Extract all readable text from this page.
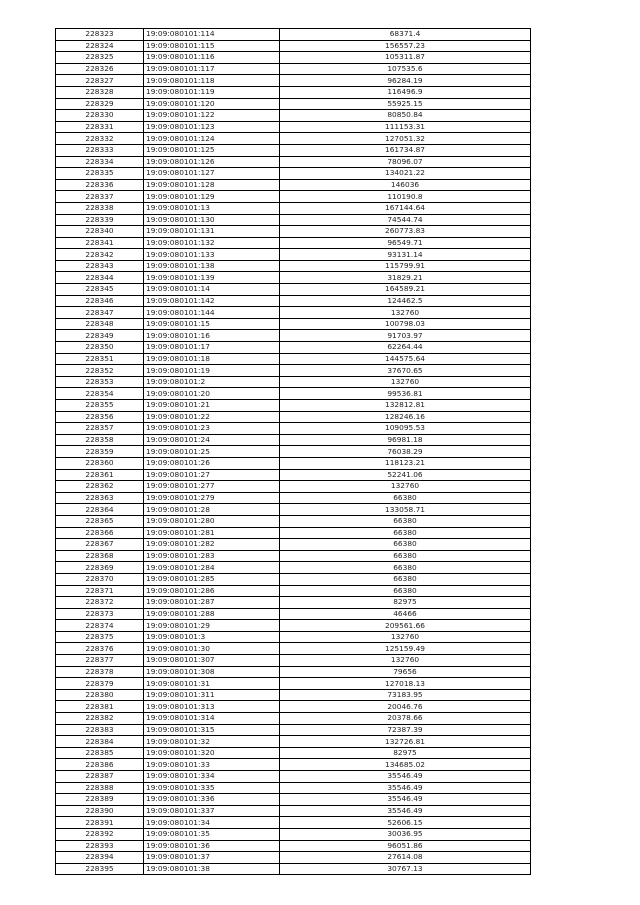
228323	19:09:080101:114	68371.4
228324	19:09:080101:115	156557.23
228325	19:09:080101:116	105311.87
228326	19:09:080101:117	107535.6
228327	19:09:080101:118	96284.19
228328	19:09:080101:119	116496.9
228329	19:09:080101:120	55925.15
228330	19:09:080101:122	80850.84
228331	19:09:080101:123	111153.31
228332	19:09:080101:124	127051.32
228333	19:09:080101:125	161734.87
228334	19:09:080101:126	78096.07
228335	19:09:080101:127	134021.22
228336	19:09:080101:128	146036
228337	19:09:080101:129	110190.8
228338	19:09:080101:13	167144.64
228339	19:09:080101:130	74544.74
228340	19:09:080101:131	260773.83
228341	19:09:080101:132	96549.71
228342	19:09:080101:133	93131.14
228343	19:09:080101:138	115799.91
228344	19:09:080101:139	31829.21
228345	19:09:080101:14	164589.21
228346	19:09:080101:142	124462.5
228347	19:09:080101:144	132760
228348	19:09:080101:15	100798.03
228349	19:09:080101:16	91703.97
228350	19:09:080101:17	62264.44
228351	19:09:080101:18	144575.64
228352	19:09:080101:19	37670.65
228353	19:09:080101:2	132760
228354	19:09:080101:20	99536.81
228355	19:09:080101:21	132812.81
228356	19:09:080101:22	128246.16
228357	19:09:080101:23	109095.53
228358	19:09:080101:24	96981.18
228359	19:09:080101:25	76038.29
228360	19:09:080101:26	118123.21
228361	19:09:080101:27	52241.06
228362	19:09:080101:277	132760
228363	19:09:080101:279	66380
228364	19:09:080101:28	133058.71
228365	19:09:080101:280	66380
228366	19:09:080101:281	66380
228367	19:09:080101:282	66380
228368	19:09:080101:283	66380
228369	19:09:080101:284	66380
228370	19:09:080101:285	66380
228371	19:09:080101:286	66380
228372	19:09:080101:287	82975
228373	19:09:080101:288	46466
228374	19:09:080101:29	209561.66
228375	19:09:080101:3	132760
228376	19:09:080101:30	125159.49
228377	19:09:080101:307	132760
228378	19:09:080101:308	79656
228379	19:09:080101:31	127018.13
228380	19:09:080101:311	73183.95
228381	19:09:080101:313	20046.76
228382	19:09:080101:314	20378.66
228383	19:09:080101:315	72387.39
228384	19:09:080101:32	132726.81
228385	19:09:080101:320	82975
228386	19:09:080101:33	134685.02
228387	19:09:080101:334	35546.49
228388	19:09:080101:335	35546.49
228389	19:09:080101:336	35546.49
228390	19:09:080101:337	35546.49
228391	19:09:080101:34	52606.15
228392	19:09:080101:35	30036.95
228393	19:09:080101:36	96051.86
228394	19:09:080101:37	27614.08
228395	19:09:080101:38	30767.13
